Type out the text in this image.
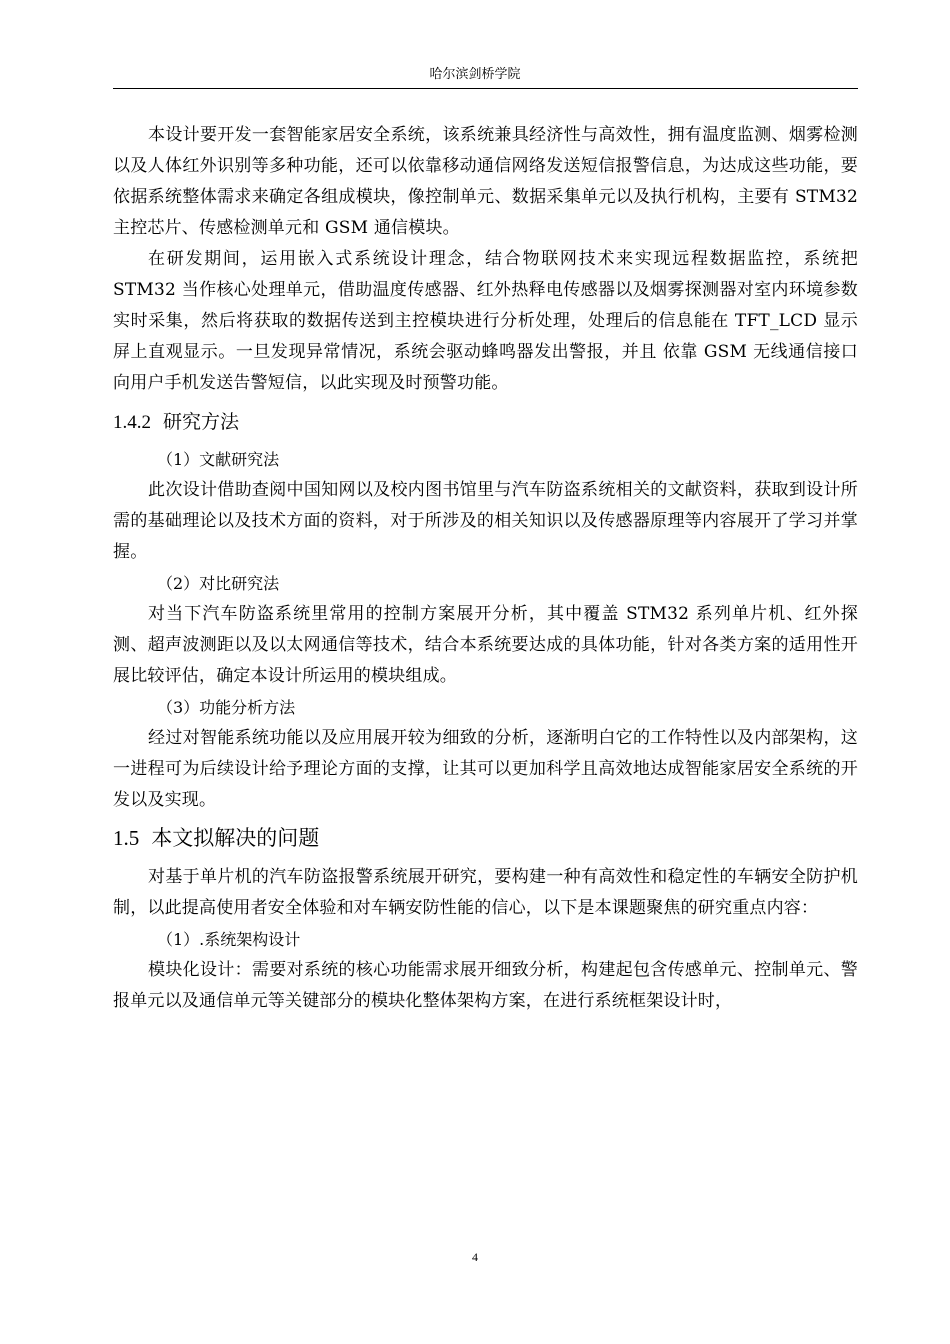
哈尔滨剑桥学院

本设计要开发一套智能家居安全系统，该系统兼具经济性与高效性，拥有温度监测、烟雾检测以及人体红外识别等多种功能，还可以依靠移动通信网络发送短信报警信息，为达成这些功能，要依据系统整体需求来确定各组成模块，像控制单元、数据采集单元以及执行机构，主要有 STM32 主控芯片、传感检测单元和 GSM 通信模块。

在研发期间，运用嵌入式系统设计理念，结合物联网技术来实现远程数据监控，系统把 STM32 当作核心处理单元，借助温度传感器、红外热释电传感器以及烟雾探测器对室内环境参数实时采集，然后将获取的数据传送到主控模块进行分析处理，处理后的信息能在 TFT_LCD 显示屏上直观显示。一旦发现异常情况，系统会驱动蜂鸣器发出警报，并且 依靠 GSM 无线通信接口向用户手机发送告警短信，以此实现及时预警功能。

1.4.2 研究方法

（1）文献研究法

此次设计借助查阅中国知网以及校内图书馆里与汽车防盗系统相关的文献资料，获取到设计所需的基础理论以及技术方面的资料，对于所涉及的相关知识以及传感器原理等内容展开了学习并掌握。

（2）对比研究法

对当下汽车防盗系统里常用的控制方案展开分析，其中覆盖 STM32 系列单片机、红外探测、超声波测距以及以太网通信等技术，结合本系统要达成的具体功能，针对各类方案的适用性开展比较评估，确定本设计所运用的模块组成。

（3）功能分析方法

经过对智能系统功能以及应用展开较为细致的分析，逐渐明白它的工作特性以及内部架构，这一进程可为后续设计给予理论方面的支撑，让其可以更加科学且高效地达成智能家居安全系统的开发以及实现。

1.5 本文拟解决的问题

对基于单片机的汽车防盗报警系统展开研究，要构建一种有高效性和稳定性的车辆安全防护机制，以此提高使用者安全体验和对车辆安防性能的信心，以下是本课题聚焦的研究重点内容：

（1）.系统架构设计

模块化设计：需要对系统的核心功能需求展开细致分析，构建起包含传感单元、控制单元、警报单元以及通信单元等关键部分的模块化整体架构方案，在进行系统框架设计时，

4
